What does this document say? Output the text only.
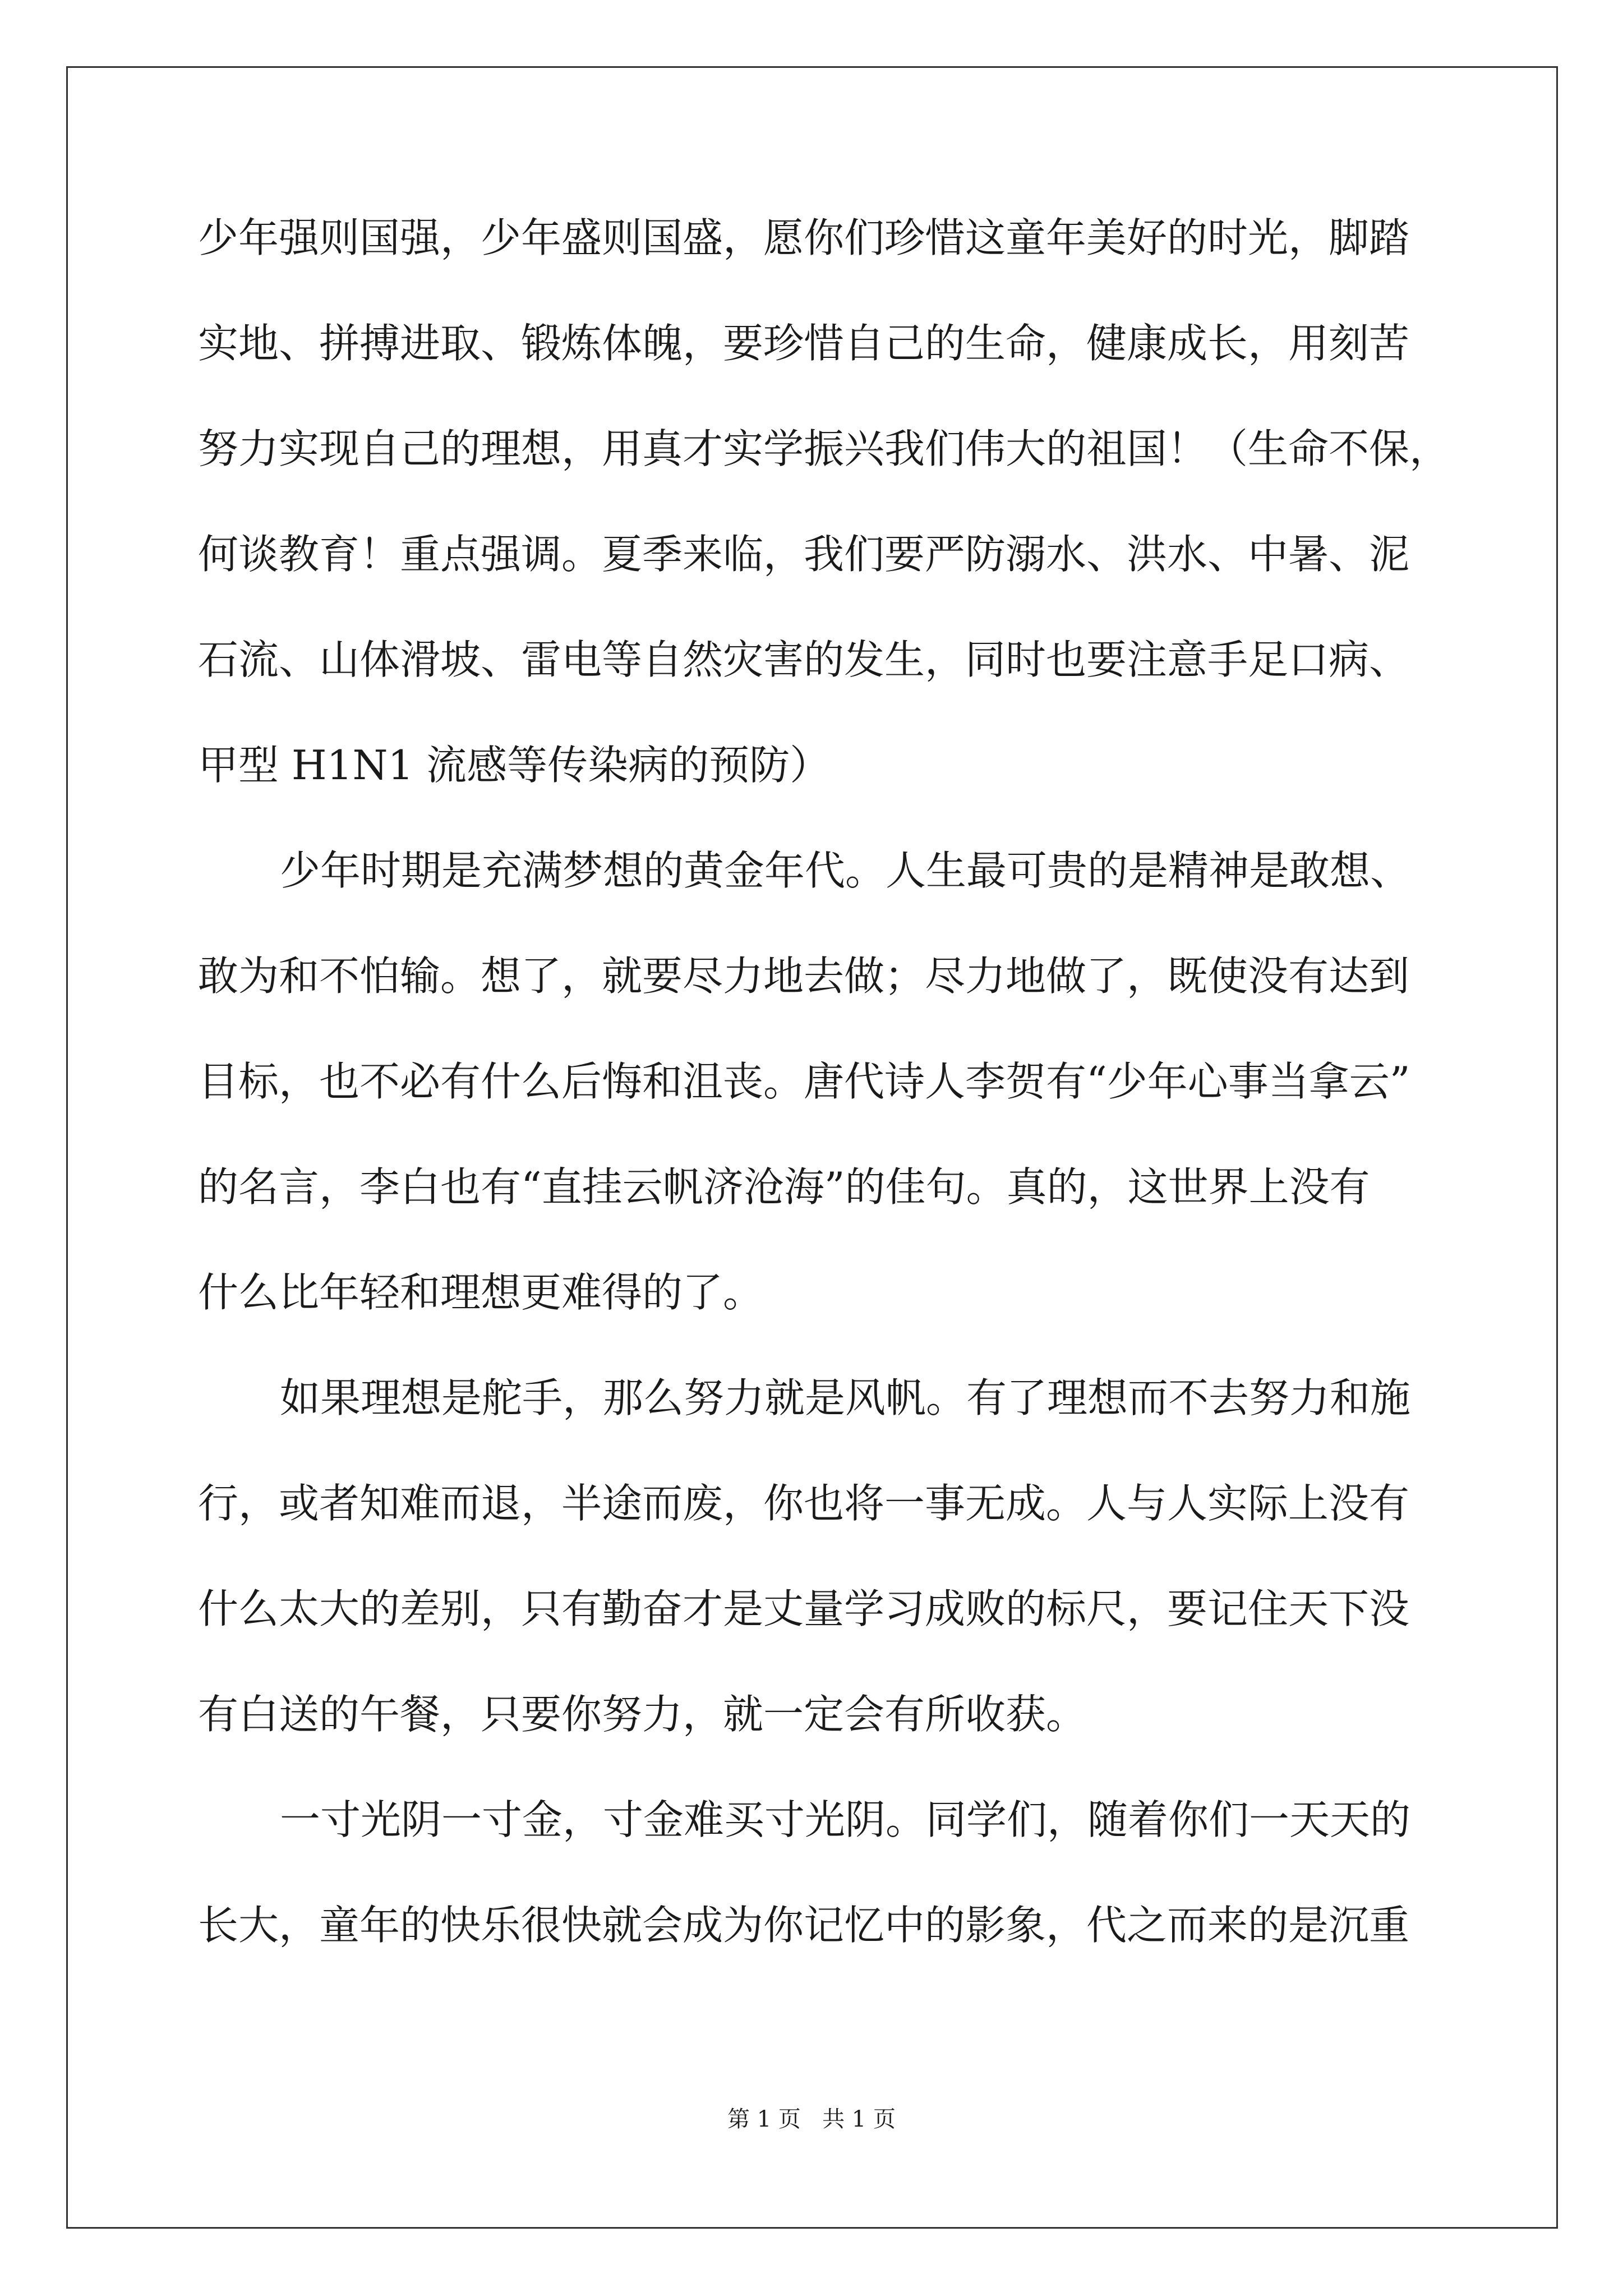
少年强则国强，少年盛则国盛，愿你们珍惜这童年美好的时光，脚踏
实地、拼搏进取、锻炼体魄，要珍惜自己的生命，健康成长，用刻苦
努力实现自己的理想，用真才实学振兴我们伟大的祖国！（生命不保，
何谈教育！重点强调。夏季来临，我们要严防溺水、洪水、中暑、泥
石流、山体滑坡、雷电等自然灾害的发生，同时也要注意手足口病、
甲型 H1N1 流感等传染病的预防）
少年时期是充满梦想的黄金年代。人生最可贵的是精神是敢想、
敢为和不怕输。想了，就要尽力地去做；尽力地做了，既使没有达到
目标，也不必有什么后悔和沮丧。唐代诗人李贺有“少年心事当拿云”
的名言，李白也有“直挂云帆济沧海”的佳句。真的，这世界上没有
什么比年轻和理想更难得的了。
如果理想是舵手，那么努力就是风帆。有了理想而不去努力和施
行，或者知难而退，半途而废，你也将一事无成。人与人实际上没有
什么太大的差别，只有勤奋才是丈量学习成败的标尺，要记住天下没
有白送的午餐，只要你努力，就一定会有所收获。
一寸光阴一寸金，寸金难买寸光阴。同学们，随着你们一天天的
长大，童年的快乐很快就会成为你记忆中的影象，代之而来的是沉重
第 1 页   共 1 页
